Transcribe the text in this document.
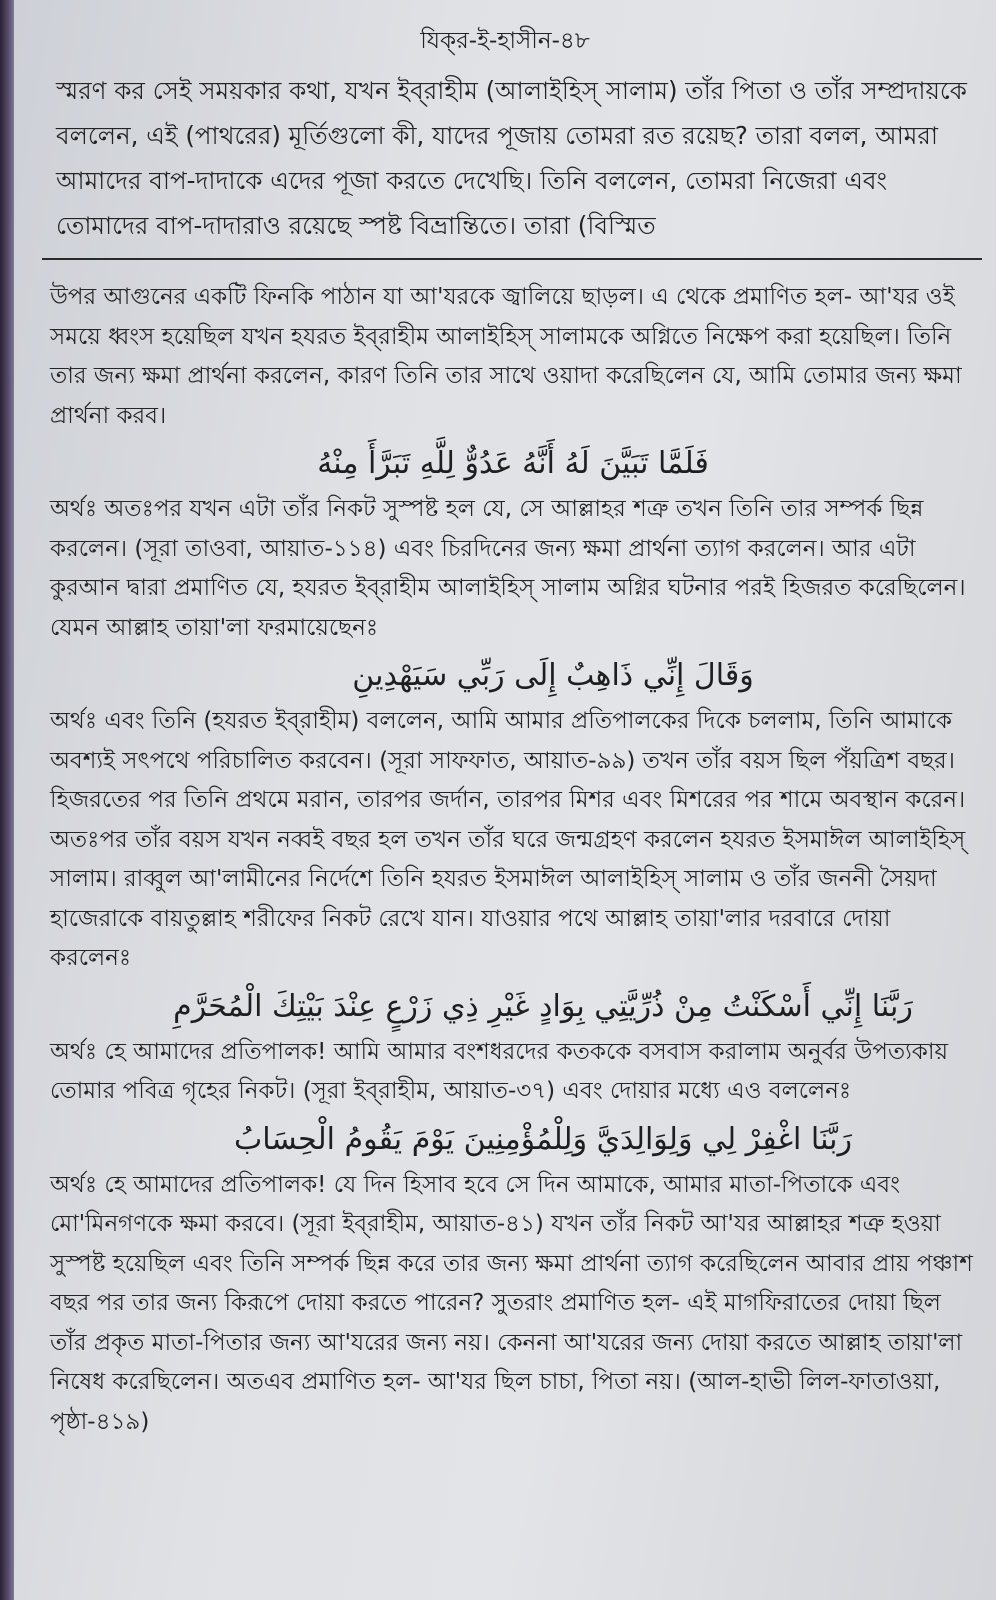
যিক্‌র-ই-হাসীন-৪৮
স্মরণ কর সেই সময়কার কথা, যখন ইব্‌রাহীম (আলাইহিস্‌ সালাম) তাঁর পিতা ও তাঁর সম্প্রদায়কে বললেন, এই (পাথরের) মূর্তিগুলো কী, যাদের পূজায় তোমরা রত রয়েছ? তারা বলল, আমরা আমাদের বাপ-দাদাকে এদের পূজা করতে দেখেছি। তিনি বললেন, তোমরা নিজেরা এবং তোমাদের বাপ-দাদারাও রয়েছে স্পষ্ট বিভ্রান্তিতে। তারা (বিস্মিত

উপর আগুনের একটি ফিনকি পাঠান যা আ'যরকে জ্বালিয়ে ছাড়ল। এ থেকে প্রমাণিত হল- আ'যর ওই সময়ে ধ্বংস হয়েছিল যখন হযরত ইব্‌রাহীম আলাইহিস্‌ সালামকে অগ্নিতে নিক্ষেপ করা হয়েছিল। তিনি তার জন্য ক্ষমা প্রার্থনা করলেন, কারণ তিনি তার সাথে ওয়াদা করেছিলেন যে, আমি তোমার জন্য ক্ষমা প্রার্থনা করব।

فَلَمَّا تَبَيَّنَ لَهُ أَنَّهُ عَدُوٌّ لِلَّهِ تَبَرَّأَ مِنْهُ

অর্থঃ অতঃপর যখন এটা তাঁর নিকট সুস্পষ্ট হল যে, সে আল্লাহর শত্রু তখন তিনি তার সম্পর্ক ছিন্ন করলেন। (সূরা তাওবা, আয়াত-১১৪) এবং চিরদিনের জন্য ক্ষমা প্রার্থনা ত্যাগ করলেন। আর এটা কুরআন দ্বারা প্রমাণিত যে, হযরত ইব্‌রাহীম আলাইহিস্‌ সালাম অগ্নির ঘটনার পরই হিজরত করেছিলেন। যেমন আল্লাহ তায়া'লা ফরমায়েছেনঃ

وَقَالَ إِنِّي ذَاهِبٌ إِلَى رَبِّي سَيَهْدِينِ

অর্থঃ এবং তিনি (হযরত ইব্‌রাহীম) বললেন, আমি আমার প্রতিপালকের দিকে চললাম, তিনি আমাকে অবশ্যই সৎপথে পরিচালিত করবেন। (সূরা সাফফাত, আয়াত-৯৯) তখন তাঁর বয়স ছিল পঁয়ত্রিশ বছর। হিজরতের পর তিনি প্রথমে মরান, তারপর জর্দান, তারপর মিশর এবং মিশরের পর শামে অবস্থান করেন।

অতঃপর তাঁর বয়স যখন নব্বই বছর হল তখন তাঁর ঘরে জন্মগ্রহণ করলেন হযরত ইসমাঈল আলাইহিস্‌ সালাম। রাব্বুল আ'লামীনের নির্দেশে তিনি হযরত ইসমাঈল আলাইহিস্‌ সালাম ও তাঁর জননী সৈয়দা হাজেরাকে বায়তুল্লাহ শরীফের নিকট রেখে যান। যাওয়ার পথে আল্লাহ তায়া'লার দরবারে দোয়া করলেনঃ

رَبَّنَا إِنِّي أَسْكَنْتُ مِنْ ذُرِّيَّتِي بِوَادٍ غَيْرِ ذِي زَرْعٍ عِنْدَ بَيْتِكَ الْمُحَرَّمِ

অর্থঃ হে আমাদের প্রতিপালক! আমি আমার বংশধরদের কতককে বসবাস করালাম অনুর্বর উপত্যকায় তোমার পবিত্র গৃহের নিকট। (সূরা ইব্‌রাহীম, আয়াত-৩৭) এবং দোয়ার মধ্যে এও বললেনঃ

رَبَّنَا اغْفِرْ لِي وَلِوَالِدَيَّ وَلِلْمُؤْمِنِينَ يَوْمَ يَقُومُ الْحِسَابُ

অর্থঃ হে আমাদের প্রতিপালক! যে দিন হিসাব হবে সে দিন আমাকে, আমার মাতা-পিতাকে এবং মো'মিনগণকে ক্ষমা করবে। (সূরা ইব্‌রাহীম, আয়াত-৪১) যখন তাঁর নিকট আ'যর আল্লাহর শত্রু হওয়া সুস্পষ্ট হয়েছিল এবং তিনি সম্পর্ক ছিন্ন করে তার জন্য ক্ষমা প্রার্থনা ত্যাগ করেছিলেন আবার প্রায় পঞ্চাশ বছর পর তার জন্য কিরূপে দোয়া করতে পারেন? সুতরাং প্রমাণিত হল- এই মাগফিরাতের দোয়া ছিল তাঁর প্রকৃত মাতা-পিতার জন্য আ'যরের জন্য নয়। কেননা আ'যরের জন্য দোয়া করতে আল্লাহ তায়া'লা নিষেধ করেছিলেন। অতএব প্রমাণিত হল- আ'যর ছিল চাচা, পিতা নয়। (আল-হাভী লিল-ফাতাওয়া, পৃষ্ঠা-৪১৯)
